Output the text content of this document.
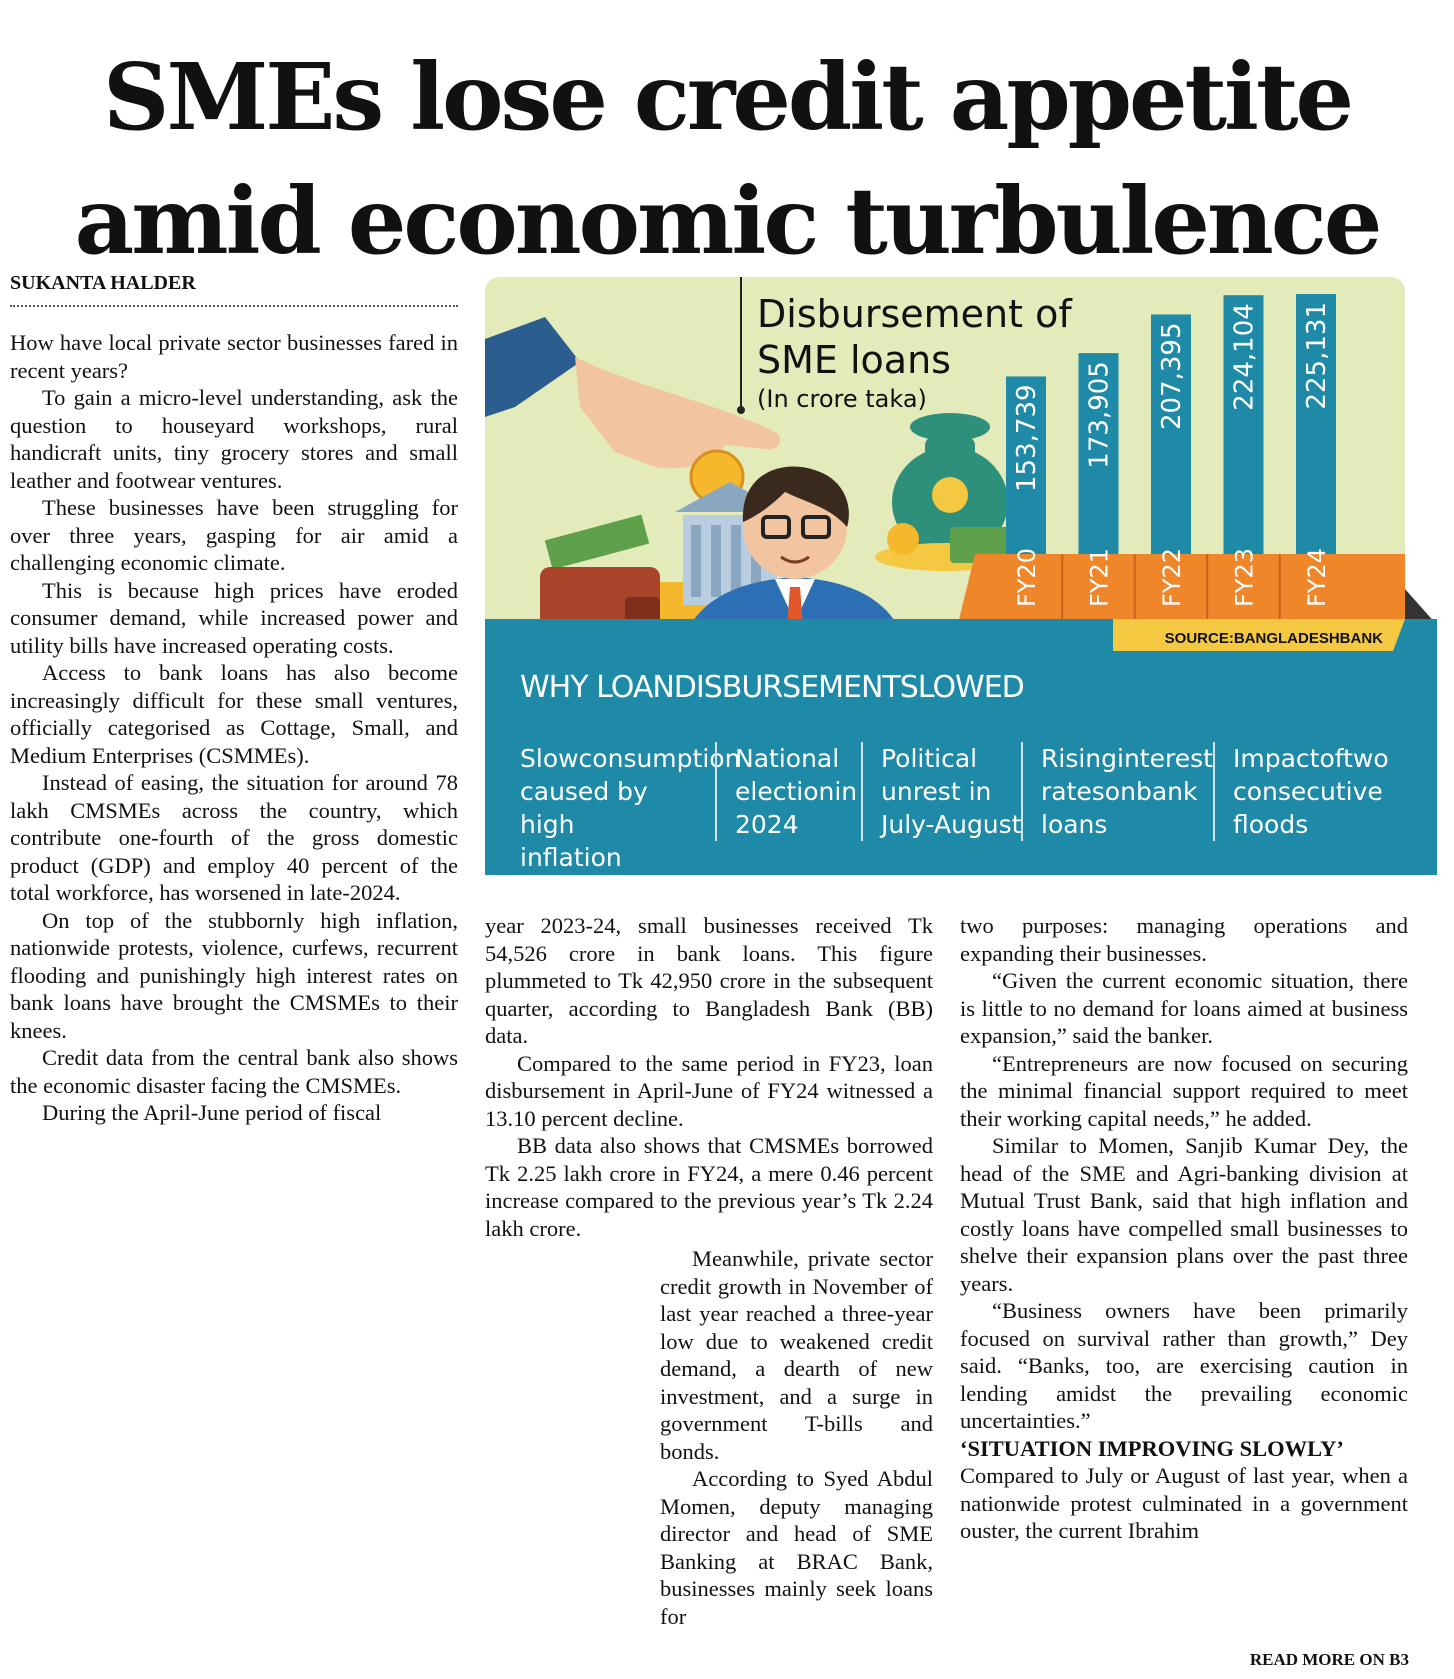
SMEs lose credit appetite
amid economic turbulence
SUKANTA HALDER

How have local private sector businesses fared in recent years?

To gain a micro-level understanding, ask the question to houseyard workshops, rural handicraft units, tiny grocery stores and small leather and footwear ventures.

These businesses have been struggling for over three years, gasping for air amid a challenging economic climate.

This is because high prices have eroded consumer demand, while increased power and utility bills have increased operating costs.

Access to bank loans has also become increasingly difficult for these small ventures, officially categorised as Cottage, Small, and Medium Enterprises (CSMMEs).

Instead of easing, the situation for around 78 lakh CMSMEs across the country, which contribute one-fourth of the gross domestic product (GDP) and employ 40 percent of the total workforce, has worsened in late-2024.

On top of the stubbornly high inflation, nationwide protests, violence, curfews, recurrent flooding and punishingly high interest rates on bank loans have brought the CMSMEs to their knees.

Credit data from the central bank also shows the economic disaster facing the CMSMEs.

During the April-June period of fiscal

year 2023-24, small businesses received Tk 54,526 crore in bank loans. This figure plummeted to Tk 42,950 crore in the subsequent quarter, according to Bangladesh Bank (BB) data.

Compared to the same period in FY23, loan disbursement in April-June of FY24 witnessed a 13.10 percent decline.

BB data also shows that CMSMEs borrowed Tk 2.25 lakh crore in FY24, a mere 0.46 percent increase compared to the previous year’s Tk 2.24 lakh crore.

Meanwhile, private sector credit growth in November of last year reached a three-year low due to weakened credit demand, a dearth of new investment, and a surge in government T-bills and bonds.

According to Syed Abdul Momen, deputy managing director and head of SME Banking at BRAC Bank, businesses mainly seek loans for

two purposes: managing operations and expanding their businesses.

“Given the current economic situation, there is little to no demand for loans aimed at business expansion,” said the banker.

“Entrepreneurs are now focused on securing the minimal financial support required to meet their working capital needs,” he added.

Similar to Momen, Sanjib Kumar Dey, the head of the SME and Agri-banking division at Mutual Trust Bank, said that high inflation and costly loans have compelled small businesses to shelve their expansion plans over the past three years.

“Business owners have been primarily focused on survival rather than growth,” Dey said. “Banks, too, are exercising caution in lending amidst the prevailing economic uncertainties.”

‘SITUATION IMPROVING SLOWLY’

Compared to July or August of last year, when a nationwide protest culminated in a government ouster, the current Ibrahim

READ MORE ON B3
153,739
FY20
173,905
FY21
207,395
FY22
224,104
FY23
225,131
FY24
Disbursement of
SME loans
(In crore taka)
SOURCE:BANGLADESHBANK
WHY LOANDISBURSEMENTSLOWED
Slowconsumption
caused by high
inflation
National
electionin
2024
Political
unrest in
July-August
Risinginterest
ratesonbank
loans
Impactoftwo
consecutive
floods
